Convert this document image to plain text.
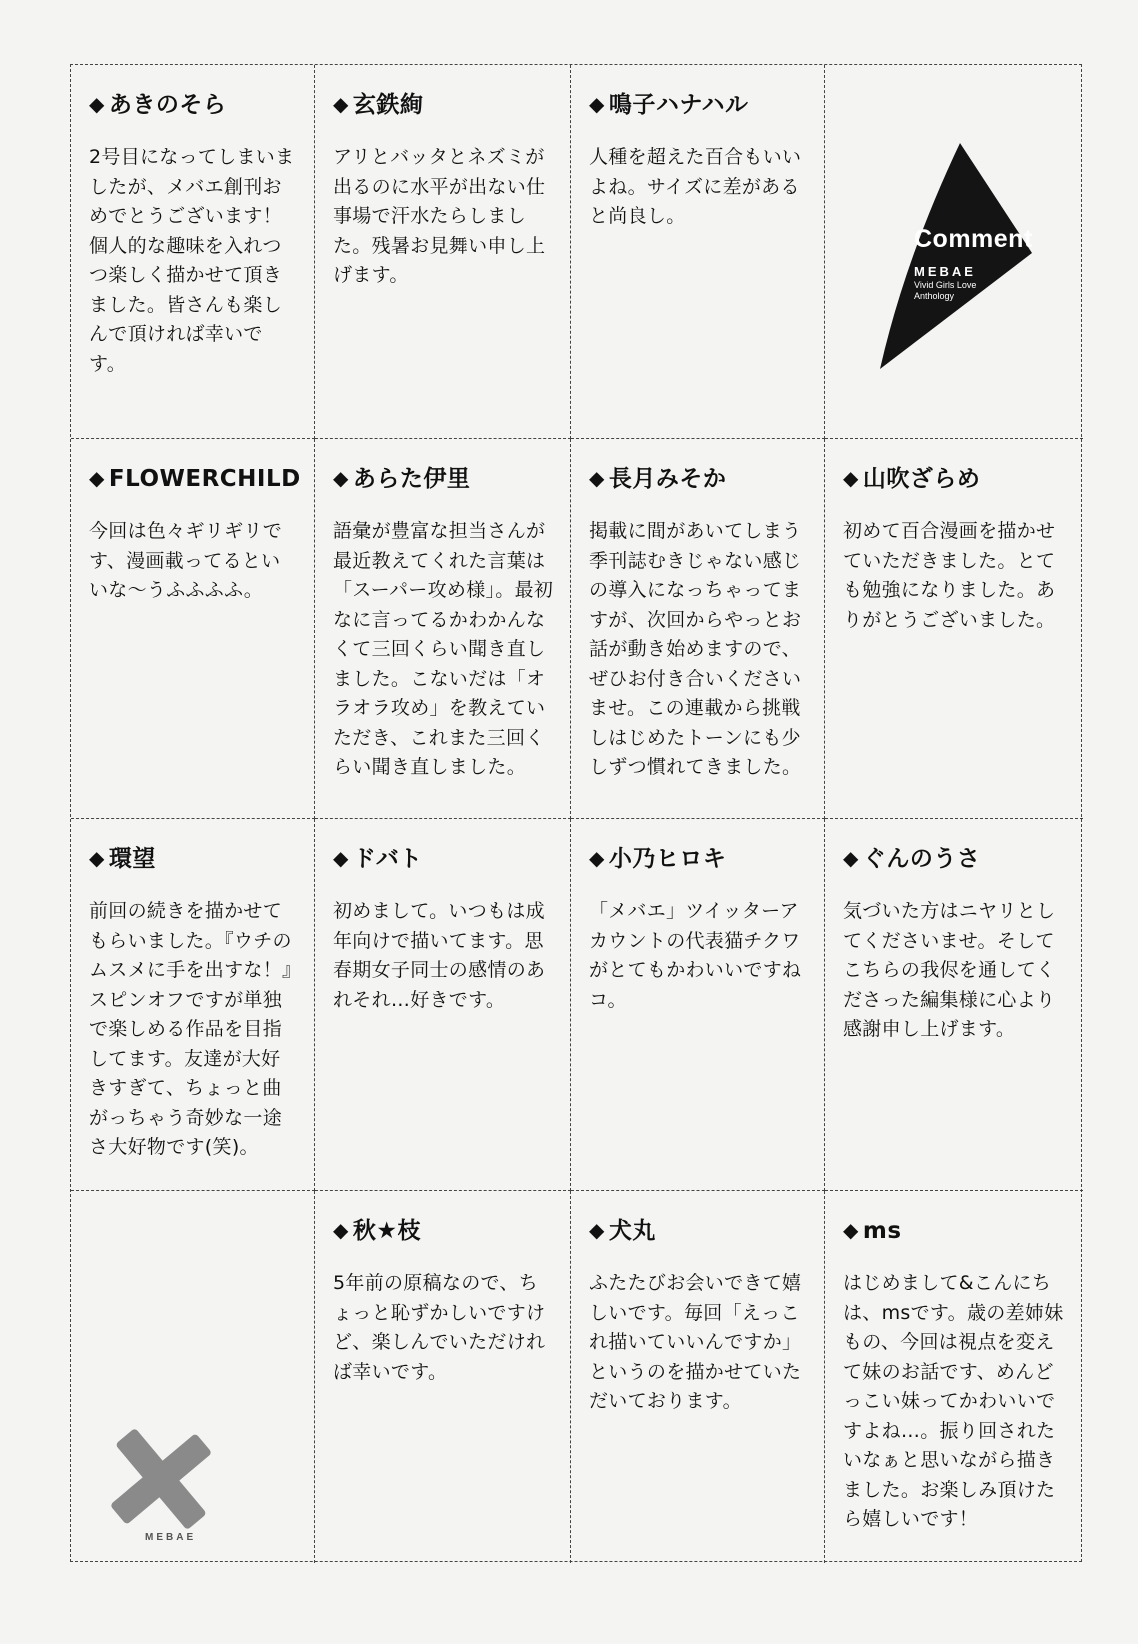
◆ あきのそら
2号目になってしまいましたが、メバエ創刊おめでとうございます！個人的な趣味を入れつつ楽しく描かせて頂きました。皆さんも楽しんで頂ければ幸いです。
◆ 玄鉄絢
アリとバッタとネズミが出るのに水平が出ない仕事場で汗水たらしました。残暑お見舞い申し上げます。
◆ 鳴子ハナハル
人種を超えた百合もいいよね。サイズに差があると尚良し。
Comment
MEBAE
Vivid Girls Love
Anthology
◆ FLOWERCHILD
今回は色々ギリギリです、漫画載ってるといいな〜うふふふふ。
◆ あらた伊里
語彙が豊富な担当さんが最近教えてくれた言葉は「スーパー攻め様」。最初なに言ってるかわかんなくて三回くらい聞き直しました。こないだは「オラオラ攻め」を教えていただき、これまた三回くらい聞き直しました。
◆ 長月みそか
掲載に間があいてしまう季刊誌むきじゃない感じの導入になっちゃってますが、次回からやっとお話が動き始めますので、ぜひお付き合いくださいませ。この連載から挑戦しはじめたトーンにも少しずつ慣れてきました。
◆ 山吹ざらめ
初めて百合漫画を描かせていただきました。とても勉強になりました。ありがとうございました。
◆ 環望
前回の続きを描かせてもらいました。『ウチのムスメに手を出すな！』スピンオフですが単独で楽しめる作品を目指してます。友達が大好きすぎて、ちょっと曲がっちゃう奇妙な一途さ大好物です(笑)。
◆ ドバト
初めまして。いつもは成年向けで描いてます。思春期女子同士の感情のあれそれ…好きです。
◆ 小乃ヒロキ
「メバエ」ツイッターアカウントの代表猫チクワがとてもかわいいですねコ。
◆ ぐんのうさ
気づいた方はニヤリとしてくださいませ。そしてこちらの我侭を通してくださった編集様に心より感謝申し上げます。
MEBAE
◆ 秋★枝
5年前の原稿なので、ちょっと恥ずかしいですけど、楽しんでいただければ幸いです。
◆ 犬丸
ふたたびお会いできて嬉しいです。毎回「えっこれ描いていいんですか」というのを描かせていただいております。
◆ ms
はじめまして&こんにちは、msです。歳の差姉妹もの、今回は視点を変えて妹のお話です、めんどっこい妹ってかわいいですよね…。振り回されたいなぁと思いながら描きました。お楽しみ頂けたら嬉しいです！
